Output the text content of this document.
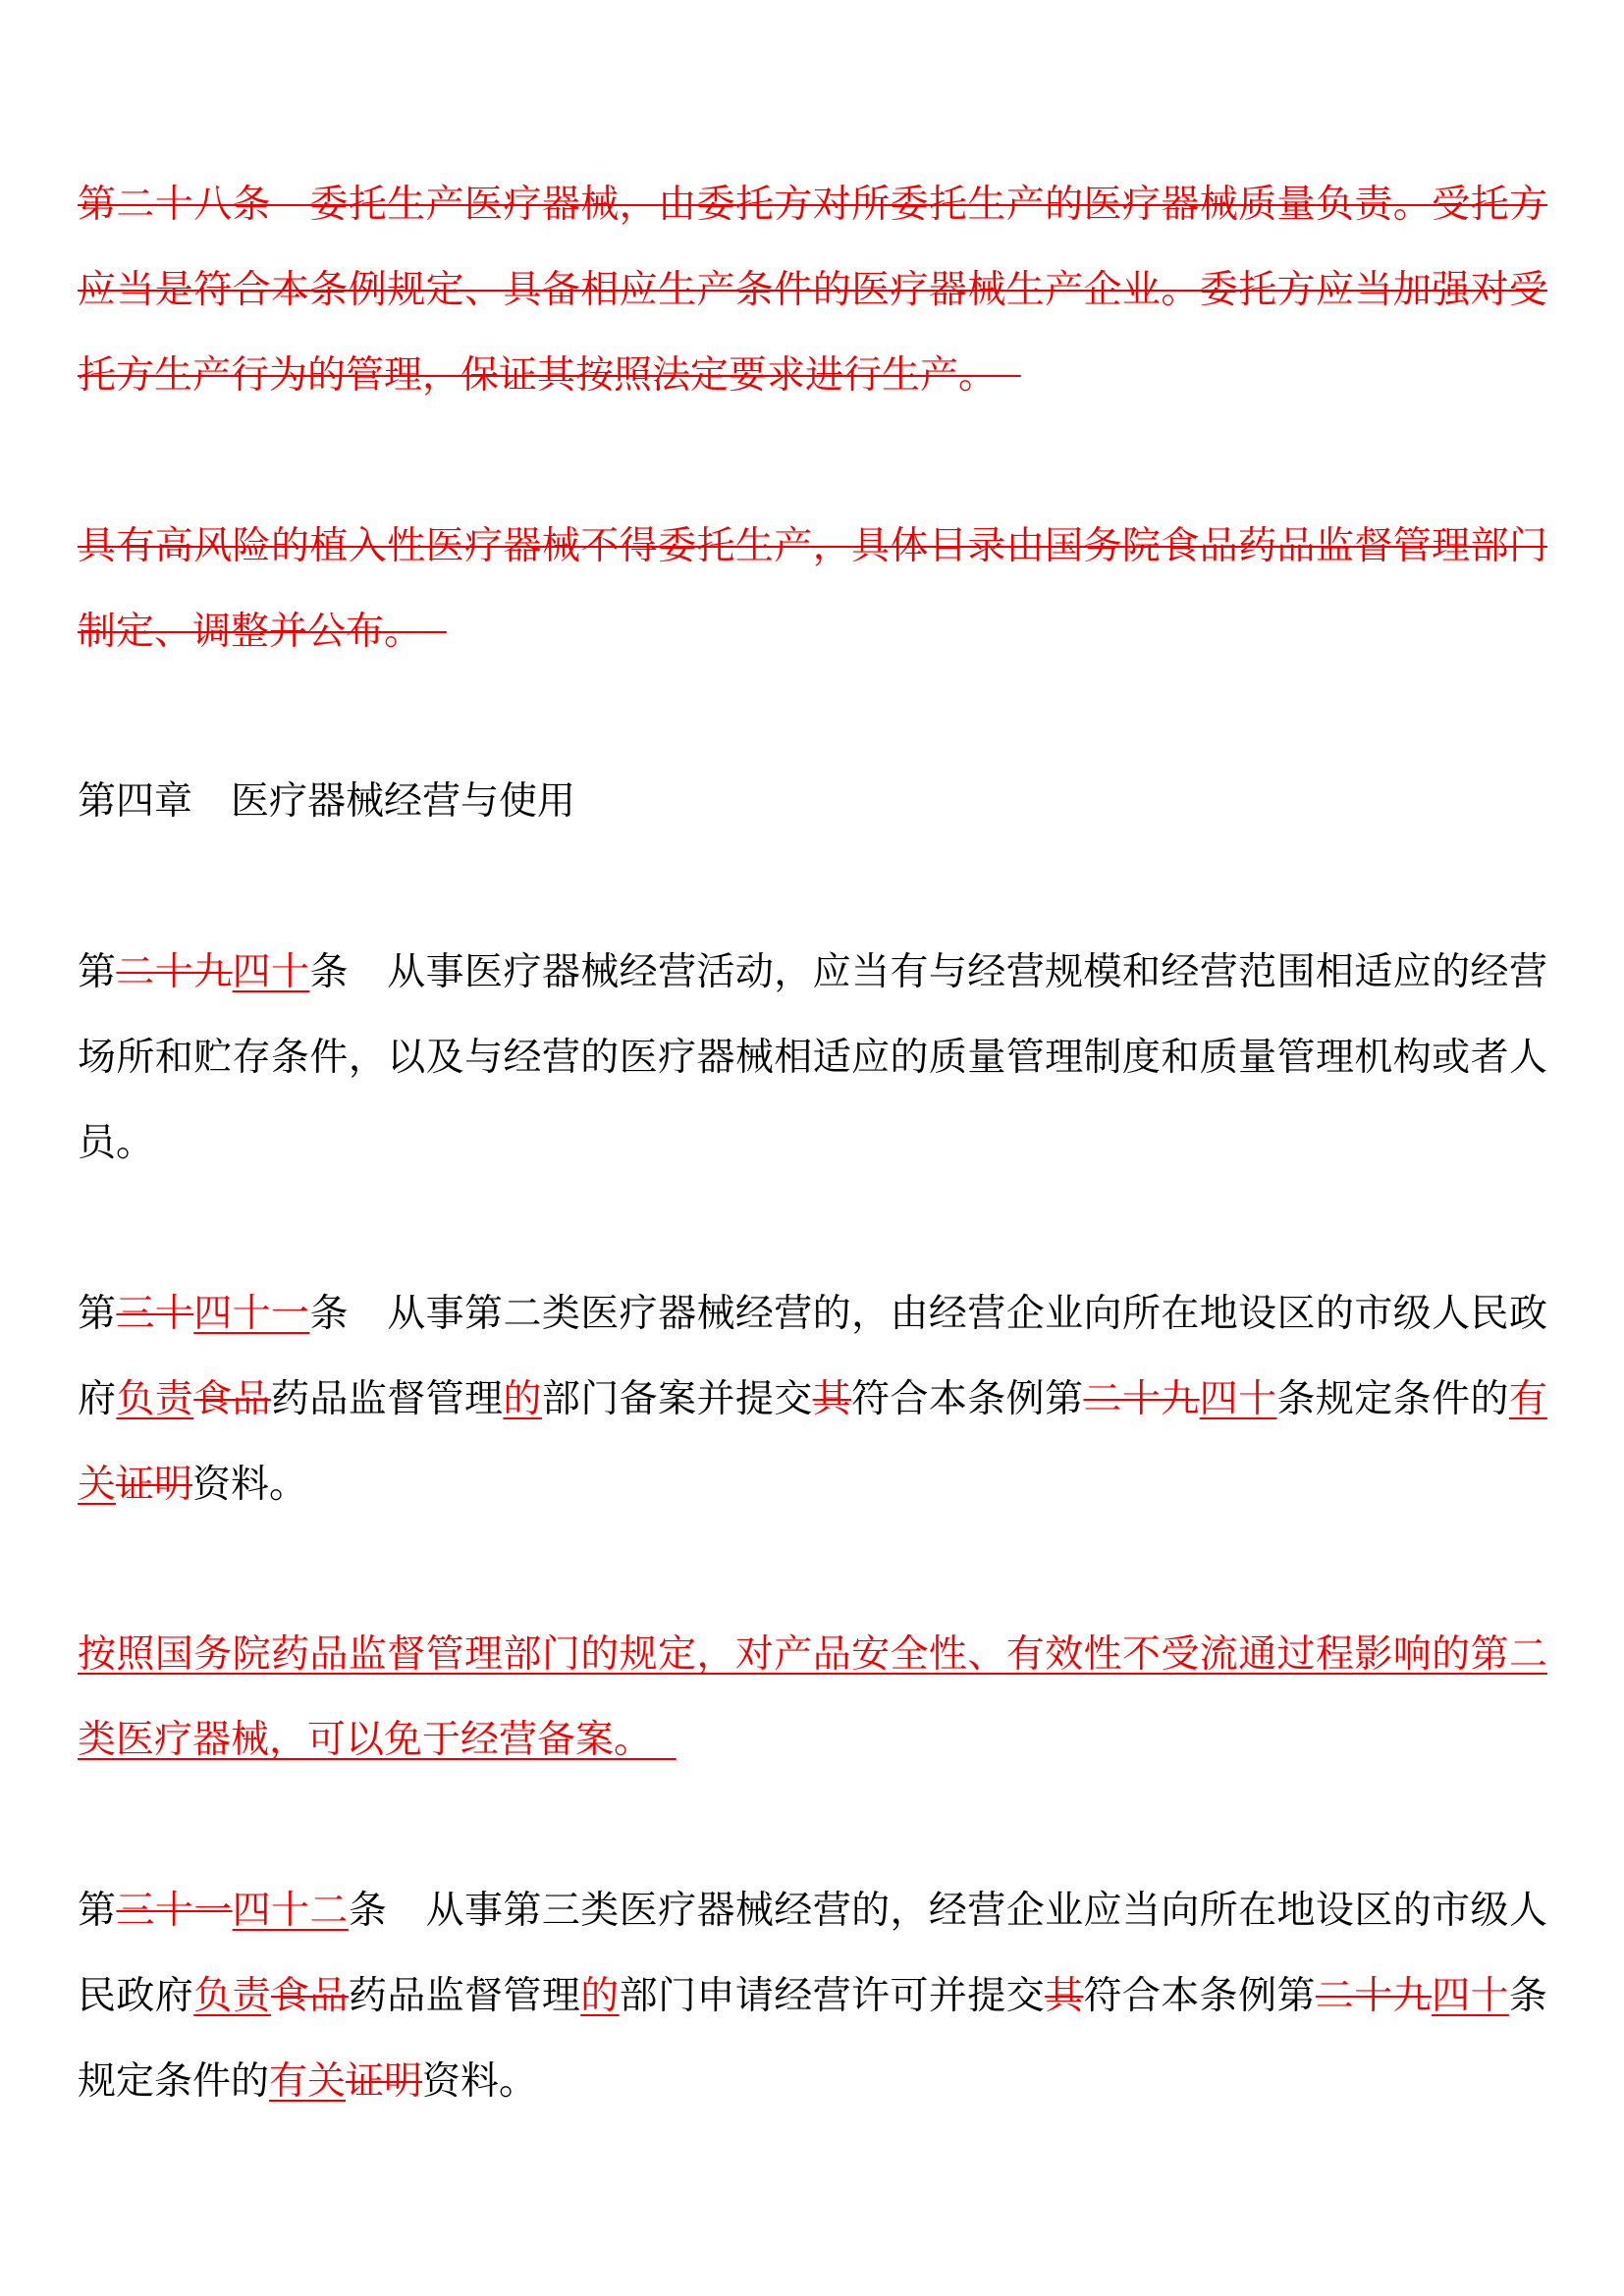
第二十八条　委托生产医疗器械，由委托方对所委托生产的医疗器械质量负责。受托方应当是符合本条例规定、具备相应生产条件的医疗器械生产企业。委托方应当加强对受托方生产行为的管理，保证其按照法定要求进行生产。

具有高风险的植入性医疗器械不得委托生产，具体目录由国务院食品药品监督管理部门制定、调整并公布。

第四章　医疗器械经营与使用

第二十九四十条　从事医疗器械经营活动，应当有与经营规模和经营范围相适应的经营场所和贮存条件，以及与经营的医疗器械相适应的质量管理制度和质量管理机构或者人员。

第三十四十一条　从事第二类医疗器械经营的，由经营企业向所在地设区的市级人民政府负责食品药品监督管理的部门备案并提交其符合本条例第二十九四十条规定条件的有关证明资料。

按照国务院药品监督管理部门的规定，对产品安全性、有效性不受流通过程影响的第二类医疗器械，可以免于经营备案。

第三十一四十二条　从事第三类医疗器械经营的，经营企业应当向所在地设区的市级人民政府负责食品药品监督管理的部门申请经营许可并提交其符合本条例第二十九四十条规定条件的有关证明资料。
